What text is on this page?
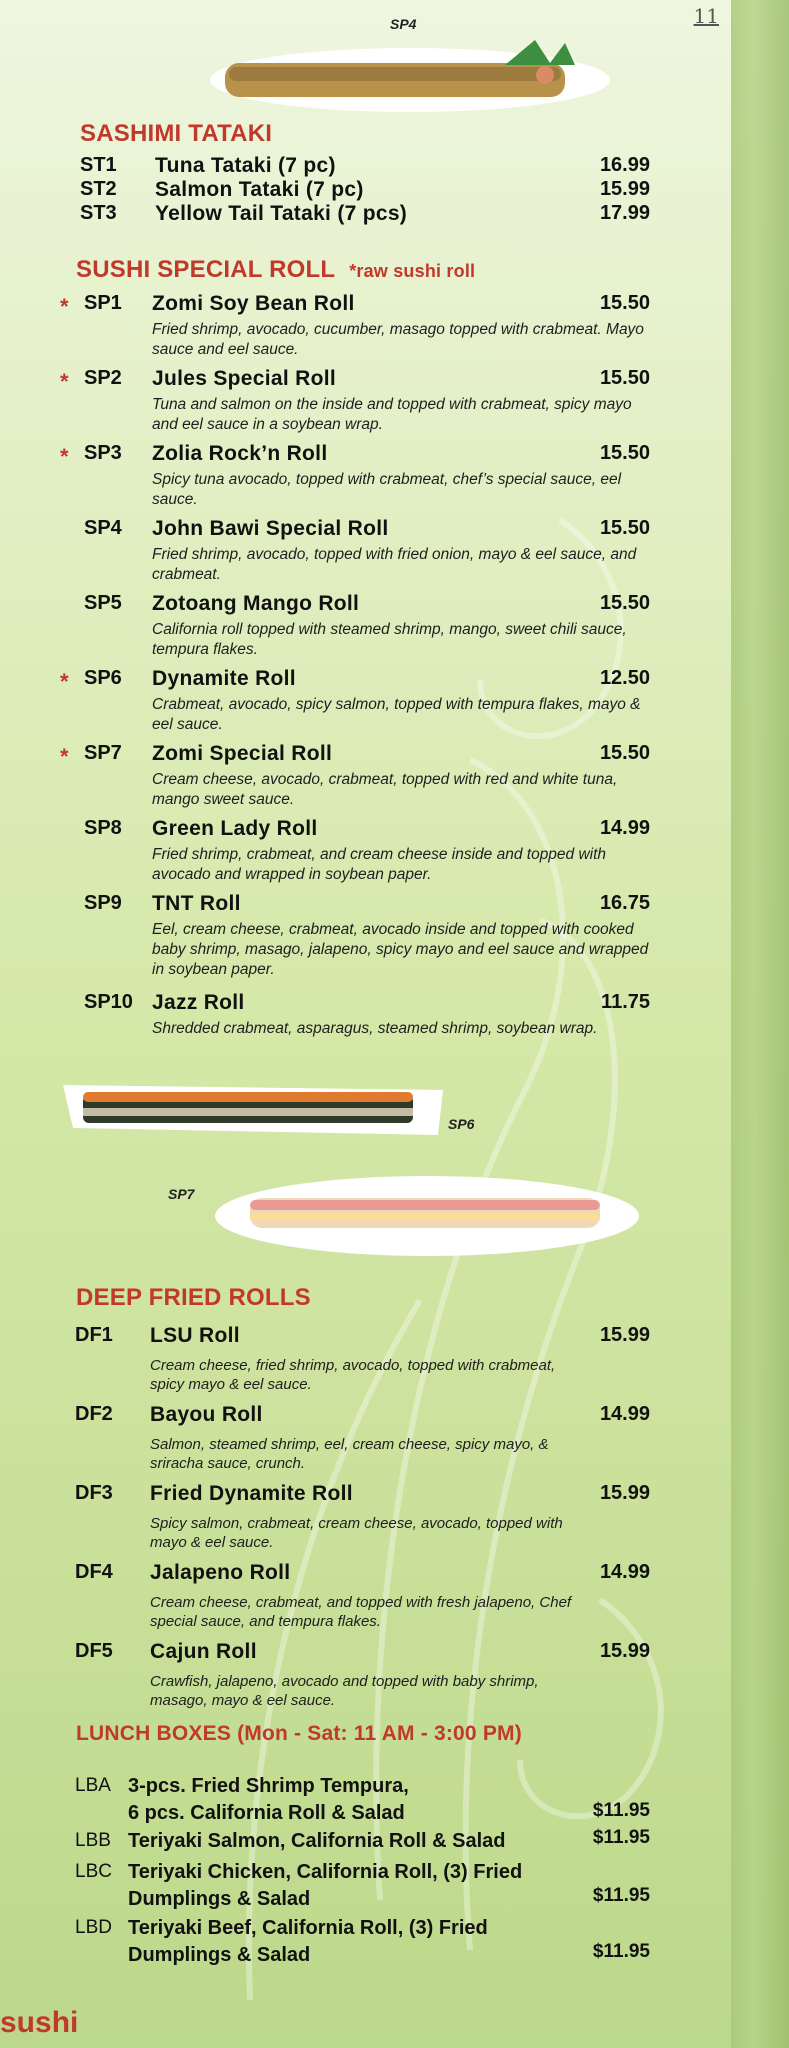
11
SP4
SASHIMI TATAKI
ST1 Tuna Tataki (7 pc)	16.99
ST2 Salmon Tataki (7 pc)	15.99
ST3 Yellow Tail Tataki (7 pcs)	17.99
SUSHI SPECIAL ROLL *raw sushi roll
* SP1 Zomi Soy Bean Roll	15.50
Fried shrimp, avocado, cucumber, masago topped with crabmeat. Mayo sauce and eel sauce.
* SP2 Jules Special Roll	15.50
Tuna and salmon on the inside and topped with crabmeat, spicy mayo and eel sauce in a soybean wrap.
* SP3 Zolia Rock’n Roll	15.50
Spicy tuna avocado, topped with crabmeat, chef’s special sauce, eel sauce.
SP4 John Bawi Special Roll	15.50
Fried shrimp, avocado, topped with fried onion, mayo & eel sauce, and crabmeat.
SP5 Zotoang Mango Roll	15.50
California roll topped with steamed shrimp, mango, sweet chili sauce, tempura flakes.
* SP6 Dynamite Roll	12.50
Crabmeat, avocado, spicy salmon, topped with tempura flakes, mayo & eel sauce.
* SP7 Zomi Special Roll	15.50
Cream cheese, avocado, crabmeat, topped with red and white tuna, mango sweet sauce.
SP8 Green Lady Roll	14.99
Fried shrimp, crabmeat, and cream cheese inside and topped with avocado and wrapped in soybean paper.
SP9 TNT Roll	16.75
Eel, cream cheese, crabmeat, avocado inside and topped with cooked baby shrimp, masago, jalapeno, spicy mayo and eel sauce and wrapped in soybean paper.
SP10 Jazz Roll	11.75
Shredded crabmeat, asparagus, steamed shrimp, soybean wrap.
SP6
SP7
DEEP FRIED ROLLS
DF1 LSU Roll	15.99
Cream cheese, fried shrimp, avocado, topped with crabmeat, spicy mayo & eel sauce.
DF2 Bayou Roll	14.99
Salmon, steamed shrimp, eel, cream cheese, spicy mayo, & sriracha sauce, crunch.
DF3 Fried Dynamite Roll	15.99
Spicy salmon, crabmeat, cream cheese, avocado, topped with mayo & eel sauce.
DF4 Jalapeno Roll	14.99
Cream cheese, crabmeat, and topped with fresh jalapeno, Chef special sauce, and tempura flakes.
DF5 Cajun Roll	15.99
Crawfish, jalapeno, avocado and topped with baby shrimp, masago, mayo & eel sauce.
LUNCH BOXES (Mon - Sat: 11 AM - 3:00 PM)
LBA 3-pcs. Fried Shrimp Tempura,
6 pcs. California Roll & Salad	$11.95
LBB Teriyaki Salmon, California Roll & Salad	$11.95
LBC Teriyaki Chicken, California Roll, (3) Fried
Dumplings & Salad	$11.95
LBD Teriyaki Beef, California Roll, (3) Fried
Dumplings & Salad	$11.95
sushi
